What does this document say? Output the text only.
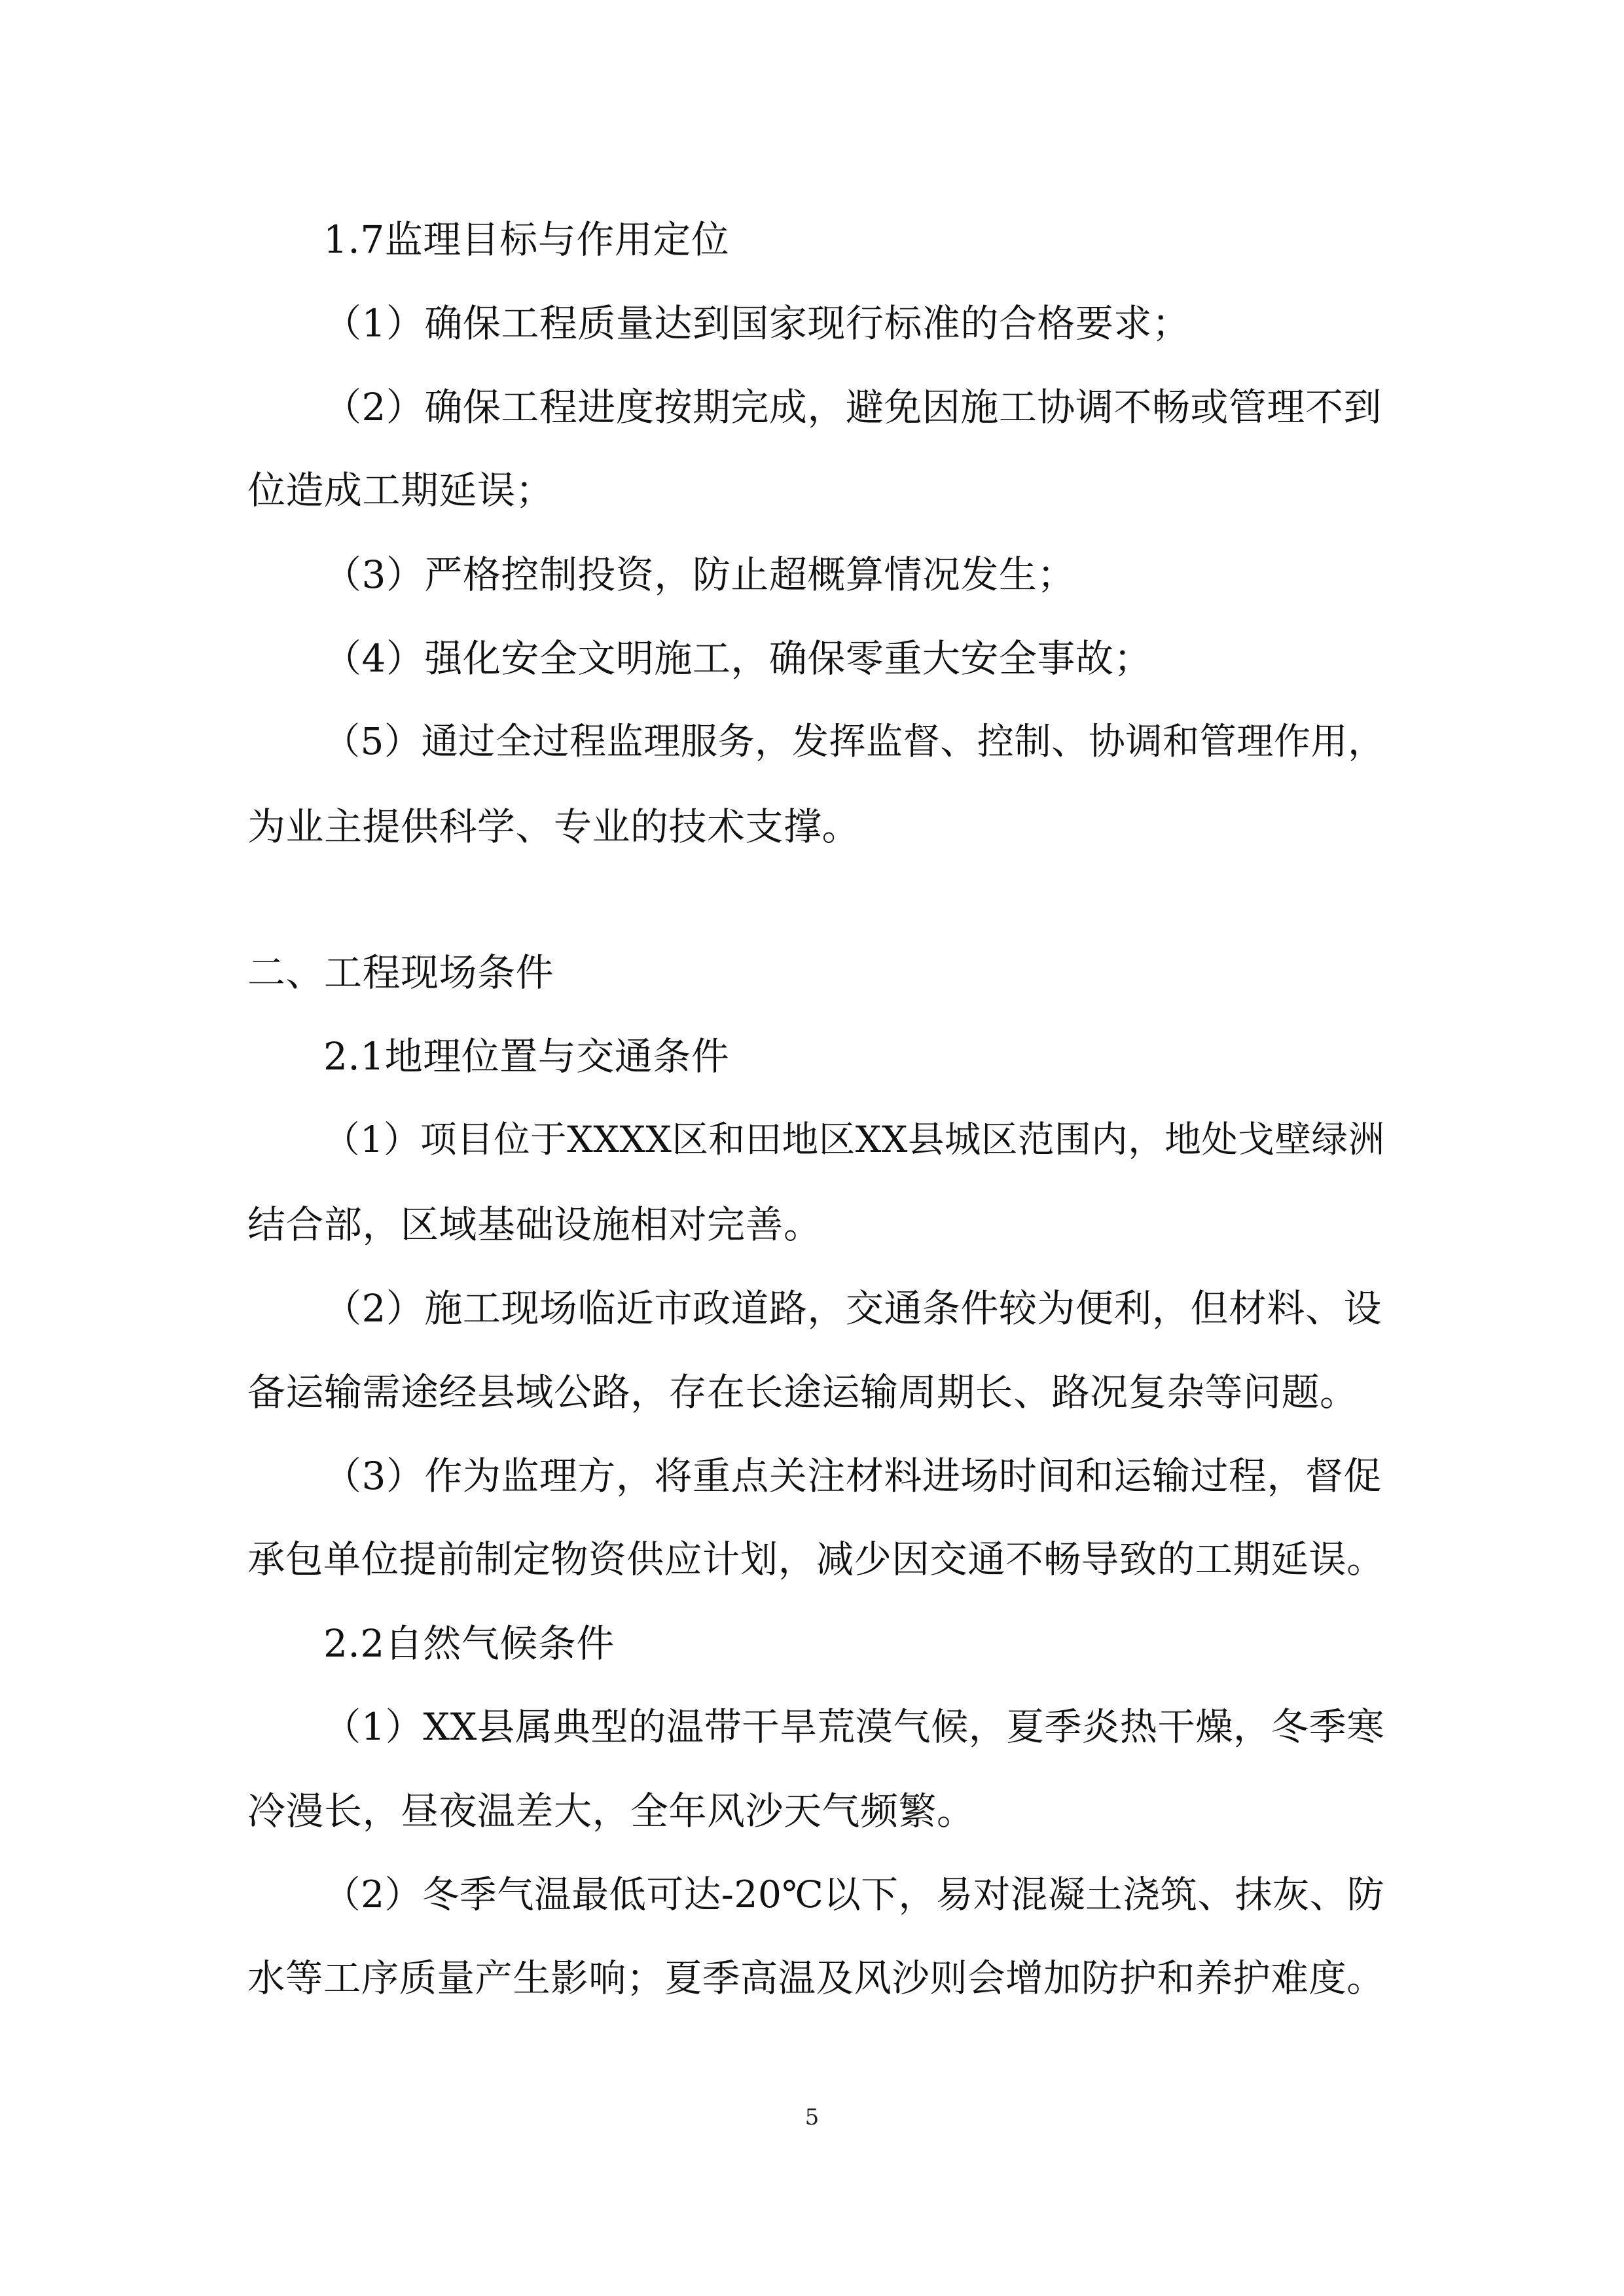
1.7监理目标与作用定位
（1）确保工程质量达到国家现行标准的合格要求；
（2）确保工程进度按期完成，避免因施工协调不畅或管理不到
位造成工期延误；
（3）严格控制投资，防止超概算情况发生；
（4）强化安全文明施工，确保零重大安全事故；
（5）通过全过程监理服务，发挥监督、控制、协调和管理作用，
为业主提供科学、专业的技术支撑。
二、工程现场条件
2.1地理位置与交通条件
（1）项目位于XXXX区和田地区XX县城区范围内，地处戈壁绿洲
结合部，区域基础设施相对完善。
（2）施工现场临近市政道路，交通条件较为便利，但材料、设
备运输需途经县域公路，存在长途运输周期长、路况复杂等问题。
（3）作为监理方，将重点关注材料进场时间和运输过程，督促
承包单位提前制定物资供应计划，减少因交通不畅导致的工期延误。
2.2自然气候条件
（1）XX县属典型的温带干旱荒漠气候，夏季炎热干燥，冬季寒
冷漫长，昼夜温差大，全年风沙天气频繁。
（2）冬季气温最低可达-20℃以下，易对混凝土浇筑、抹灰、防
水等工序质量产生影响；夏季高温及风沙则会增加防护和养护难度。
5
